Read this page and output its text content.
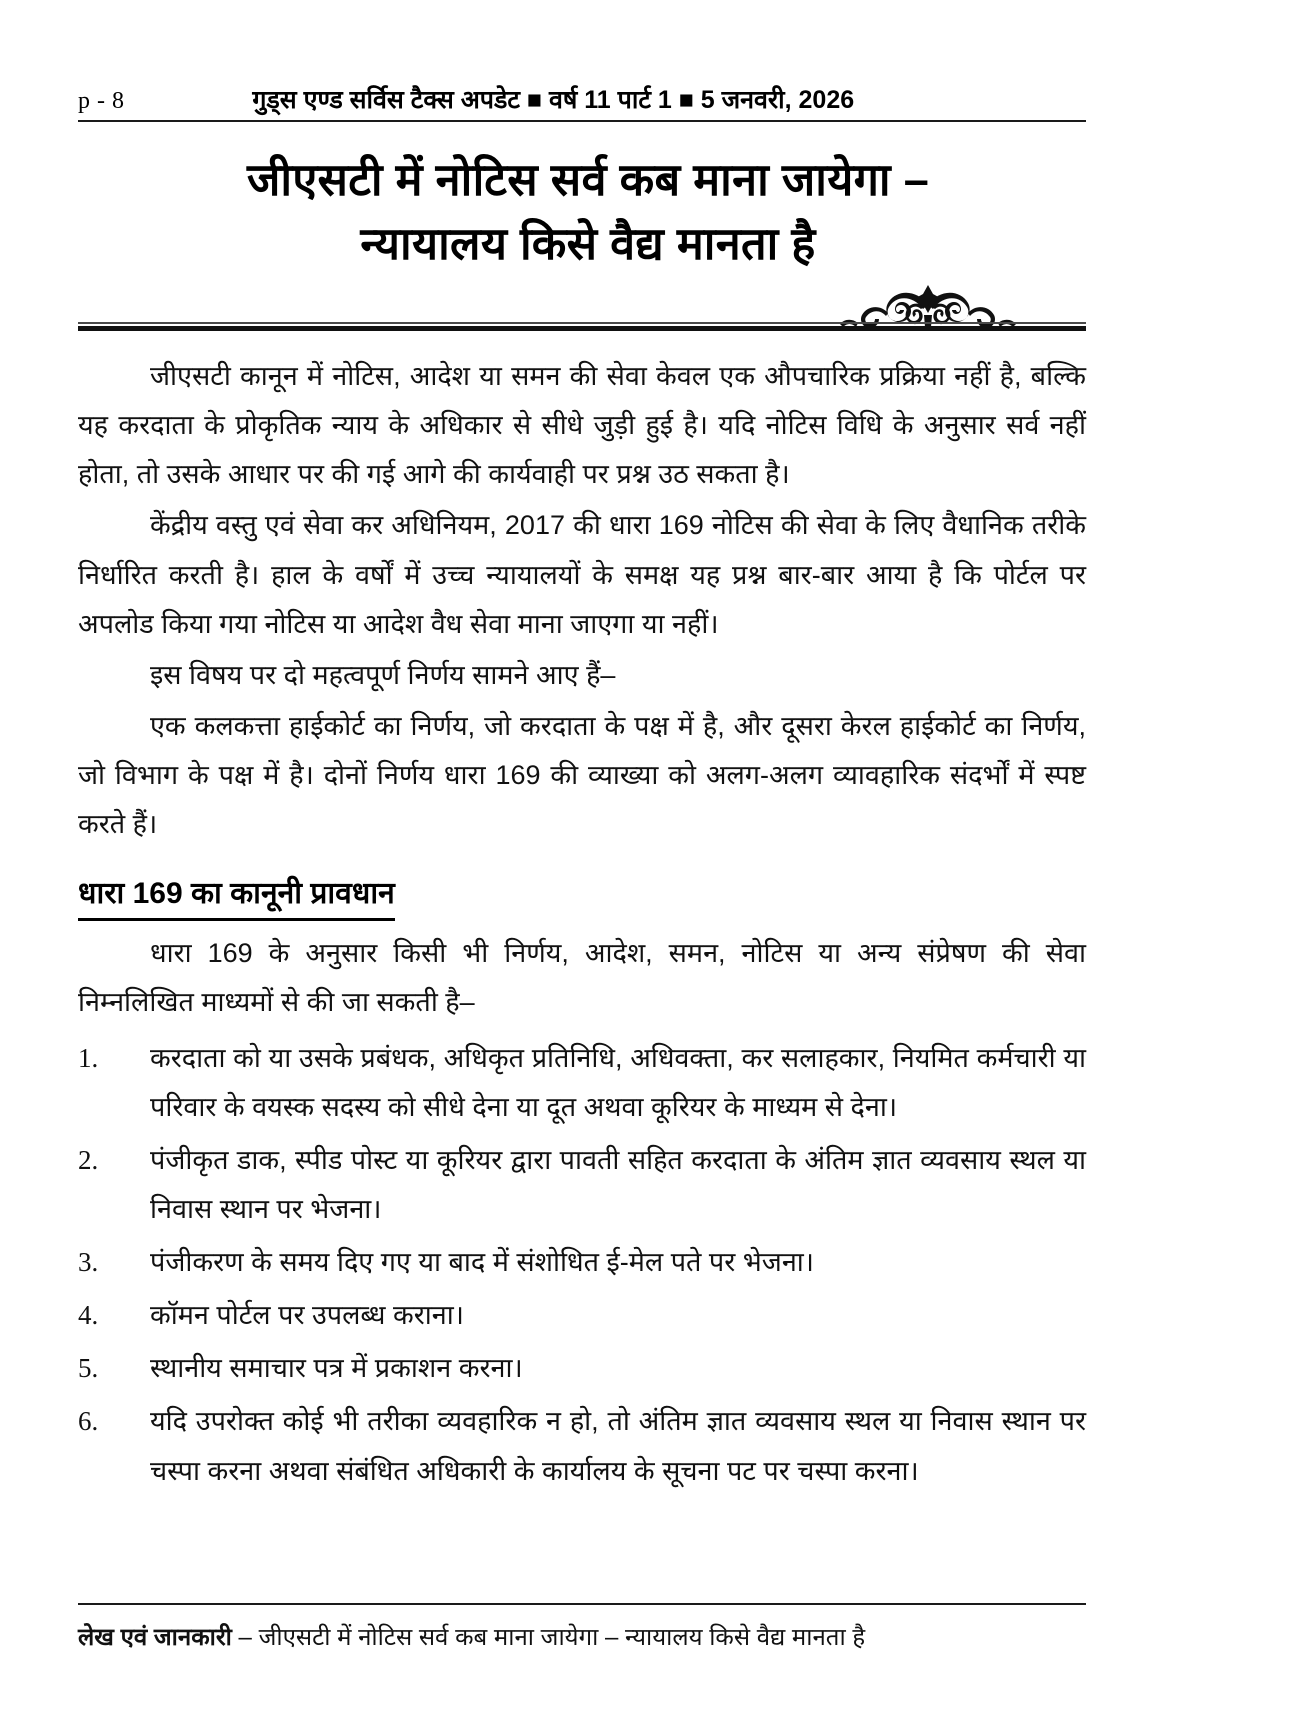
p - 8	गुड्स एण्ड सर्विस टैक्स अपडेट ■ वर्ष 11 पार्ट 1 ■ 5 जनवरी, 2026
जीएसटी में नोटिस सर्व कब माना जायेगा –
न्यायालय किसे वैद्य मानता है

जीएसटी कानून में नोटिस, आदेश या समन की सेवा केवल एक औपचारिक प्रक्रिया नहीं है, बल्कि यह करदाता के प्रोकृतिक न्याय के अधिकार से सीधे जुड़ी हुई है। यदि नोटिस विधि के अनुसार सर्व नहीं होता, तो उसके आधार पर की गई आगे की कार्यवाही पर प्रश्न उठ सकता है।

केंद्रीय वस्तु एवं सेवा कर अधिनियम, 2017 की धारा 169 नोटिस की सेवा के लिए वैधानिक तरीके निर्धारित करती है। हाल के वर्षों में उच्च न्यायालयों के समक्ष यह प्रश्न बार-बार आया है कि पोर्टल पर अपलोड किया गया नोटिस या आदेश वैध सेवा माना जाएगा या नहीं।

इस विषय पर दो महत्वपूर्ण निर्णय सामने आए हैं–

एक कलकत्ता हाईकोर्ट का निर्णय, जो करदाता के पक्ष में है, और दूसरा केरल हाईकोर्ट का निर्णय, जो विभाग के पक्ष में है। दोनों निर्णय धारा 169 की व्याख्या को अलग-अलग व्यावहारिक संदर्भों में स्पष्ट करते हैं।

धारा 169 का कानूनी प्रावधान

धारा 169 के अनुसार किसी भी निर्णय, आदेश, समन, नोटिस या अन्य संप्रेषण की सेवा निम्नलिखित माध्यमों से की जा सकती है–

1.	करदाता को या उसके प्रबंधक, अधिकृत प्रतिनिधि, अधिवक्ता, कर सलाहकार, नियमित कर्मचारी या परिवार के वयस्क सदस्य को सीधे देना या दूत अथवा कूरियर के माध्यम से देना।
2.	पंजीकृत डाक, स्पीड पोस्ट या कूरियर द्वारा पावती सहित करदाता के अंतिम ज्ञात व्यवसाय स्थल या निवास स्थान पर भेजना।
3.	पंजीकरण के समय दिए गए या बाद में संशोधित ई-मेल पते पर भेजना।
4.	कॉमन पोर्टल पर उपलब्ध कराना।
5.	स्थानीय समाचार पत्र में प्रकाशन करना।
6.	यदि उपरोक्त कोई भी तरीका व्यवहारिक न हो, तो अंतिम ज्ञात व्यवसाय स्थल या निवास स्थान पर चस्पा करना अथवा संबंधित अधिकारी के कार्यालय के सूचना पट पर चस्पा करना।
लेख एवं जानकारी – जीएसटी में नोटिस सर्व कब माना जायेगा – न्यायालय किसे वैद्य मानता है
